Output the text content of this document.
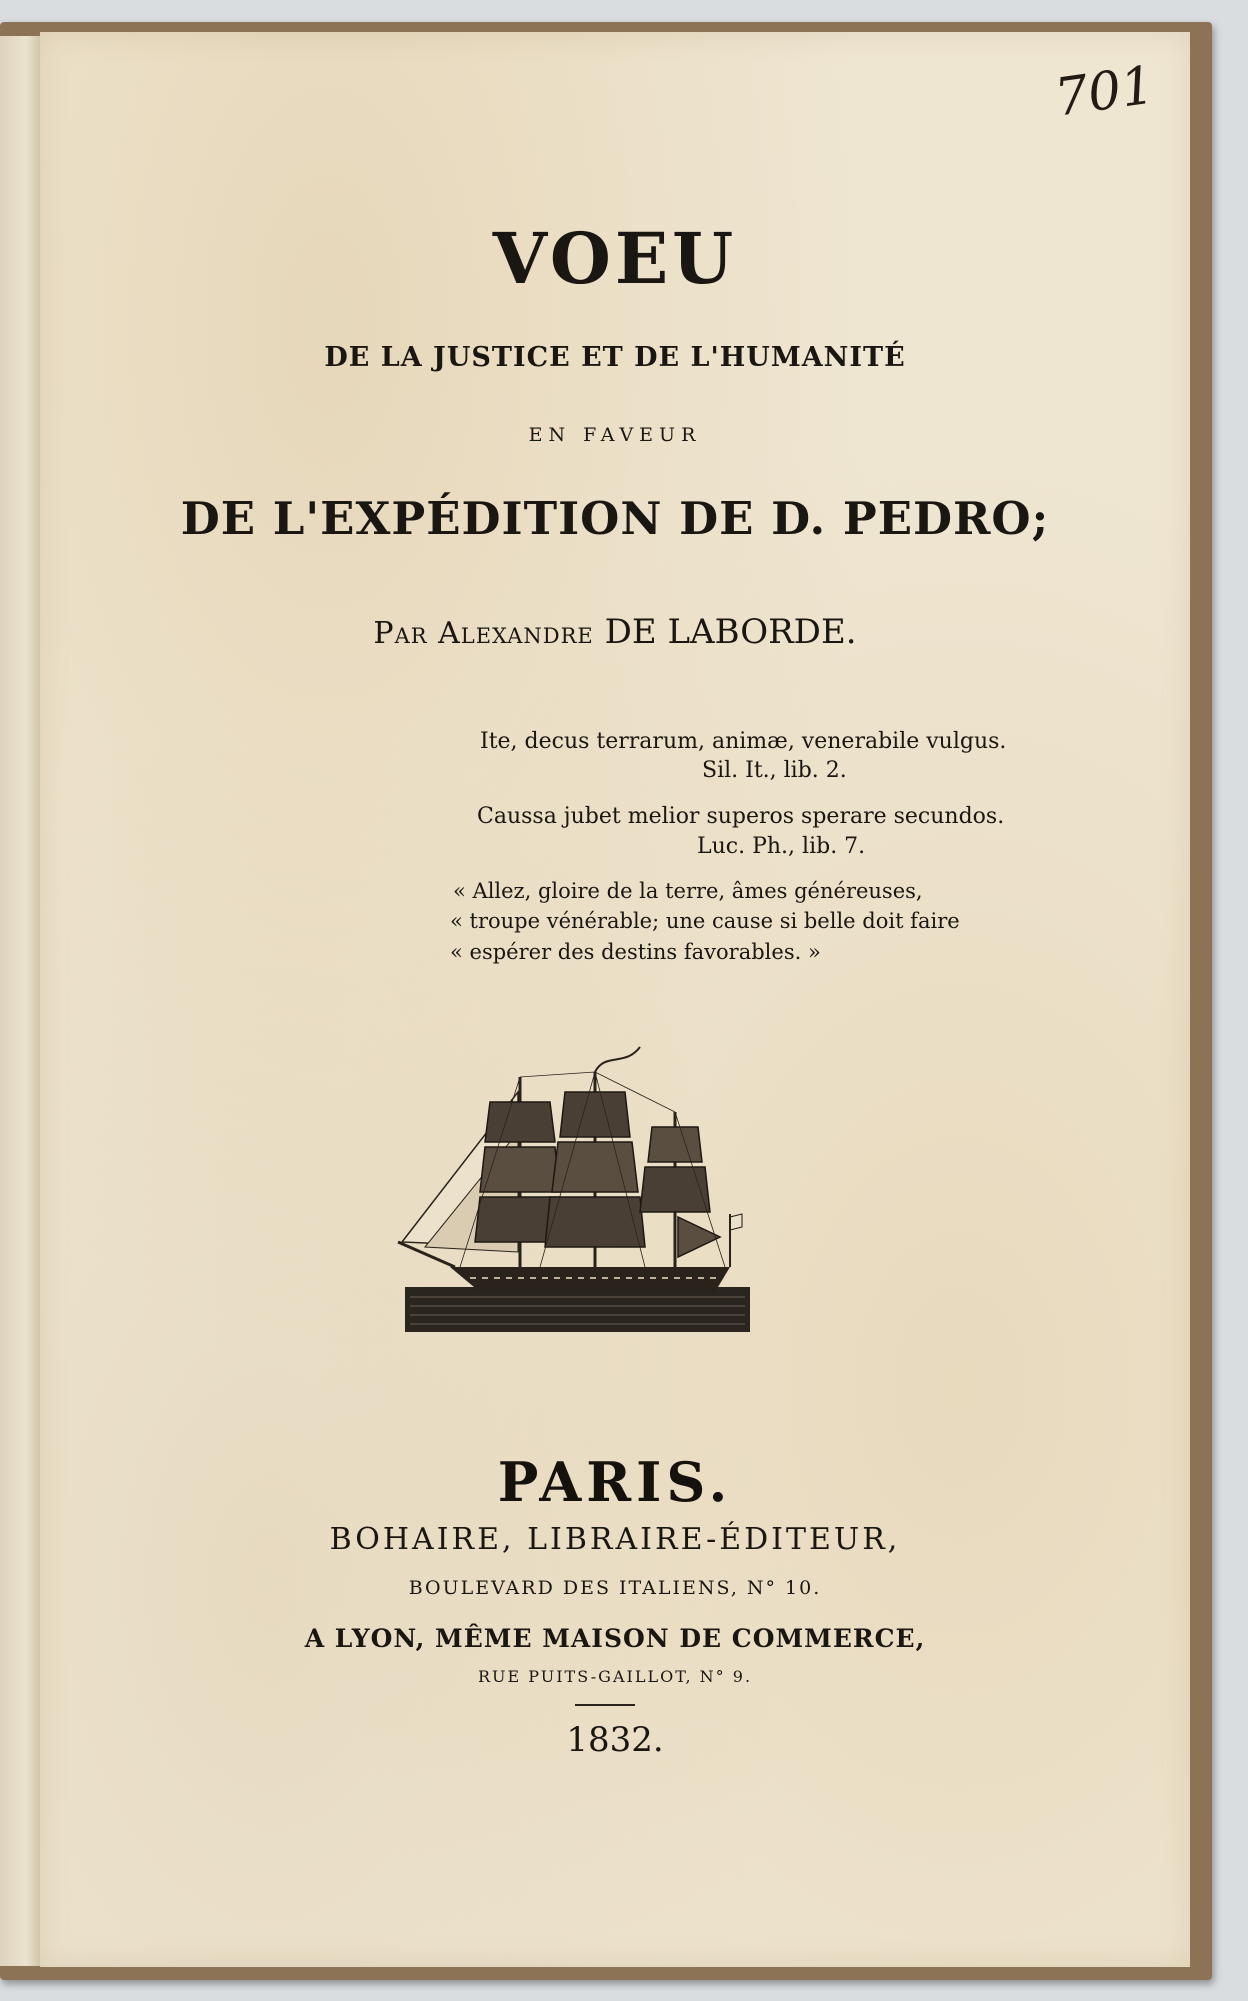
701
VOEU
DE LA JUSTICE ET DE L'HUMANITÉ
EN FAVEUR
DE L'EXPÉDITION DE D. PEDRO;
Par Alexandre DE LABORDE.
Ite, decus terrarum, animæ, venerabile vulgus.
Sil. It., lib. 2.
Caussa jubet melior superos sperare secundos.
Luc. Ph., lib. 7.
« Allez, gloire de la terre, âmes généreuses,
« troupe vénérable; une cause si belle doit faire
« espérer des destins favorables. »
PARIS.
BOHAIRE, LIBRAIRE-ÉDITEUR,
BOULEVARD DES ITALIENS, N° 10.
A LYON, MÊME MAISON DE COMMERCE,
RUE PUITS-GAILLOT, N° 9.
1832.
